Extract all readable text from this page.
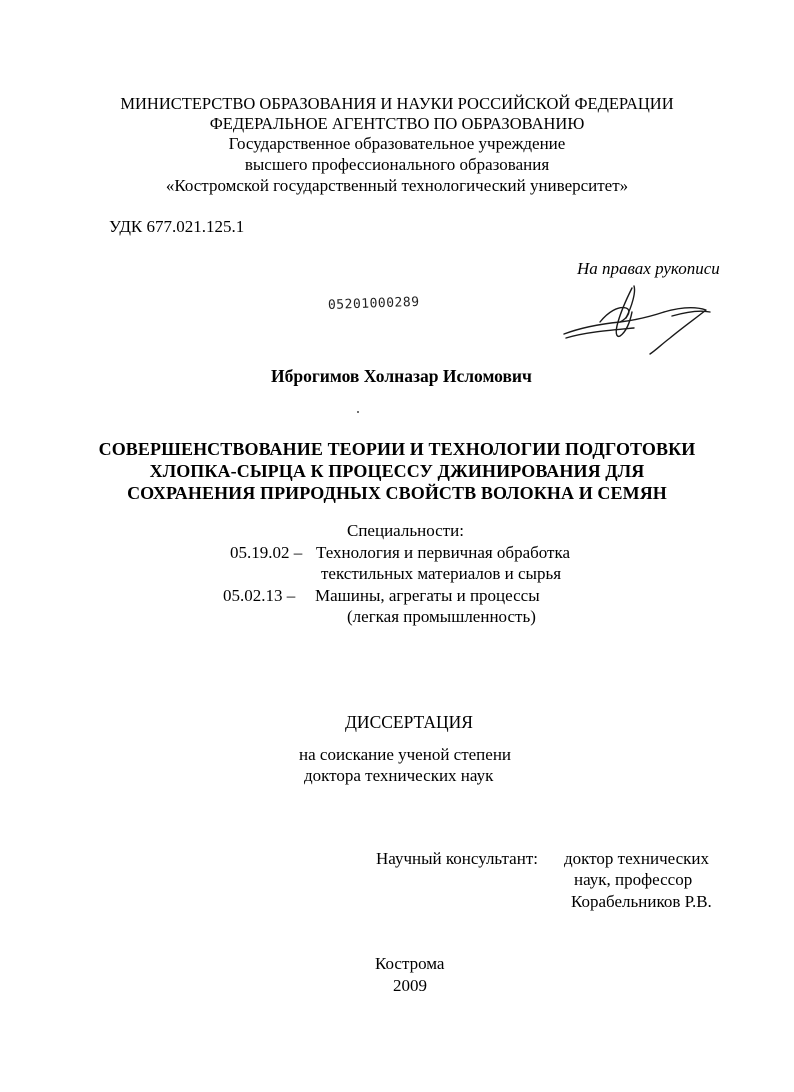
МИНИСТЕРСТВО ОБРАЗОВАНИЯ И НАУКИ РОССИЙСКОЙ ФЕДЕРАЦИИ
ФЕДЕРАЛЬНОЕ АГЕНТСТВО ПО ОБРАЗОВАНИЮ
Государственное образовательное учреждение
высшего профессионального образования
«Костромской государственный технологический университет»
УДК 677.021.125.1
На правах рукописи
05201000289
Иброгимов Холназар Исломович
СОВЕРШЕНСТВОВАНИЕ ТЕОРИИ И ТЕХНОЛОГИИ ПОДГОТОВКИ
ХЛОПКА-СЫРЦА К ПРОЦЕССУ ДЖИНИРОВАНИЯ ДЛЯ
СОХРАНЕНИЯ ПРИРОДНЫХ СВОЙСТВ ВОЛОКНА И СЕМЯН
Специальности:
05.19.02 – Технология и первичная обработка
текстильных материалов и сырья
05.02.13 – Машины, агрегаты и процессы
(легкая промышленность)
ДИССЕРТАЦИЯ
на соискание ученой степени
доктора технических наук
Научный консультант: доктор технических
наук, профессор
Корабельников Р.В.
Кострома
2009
